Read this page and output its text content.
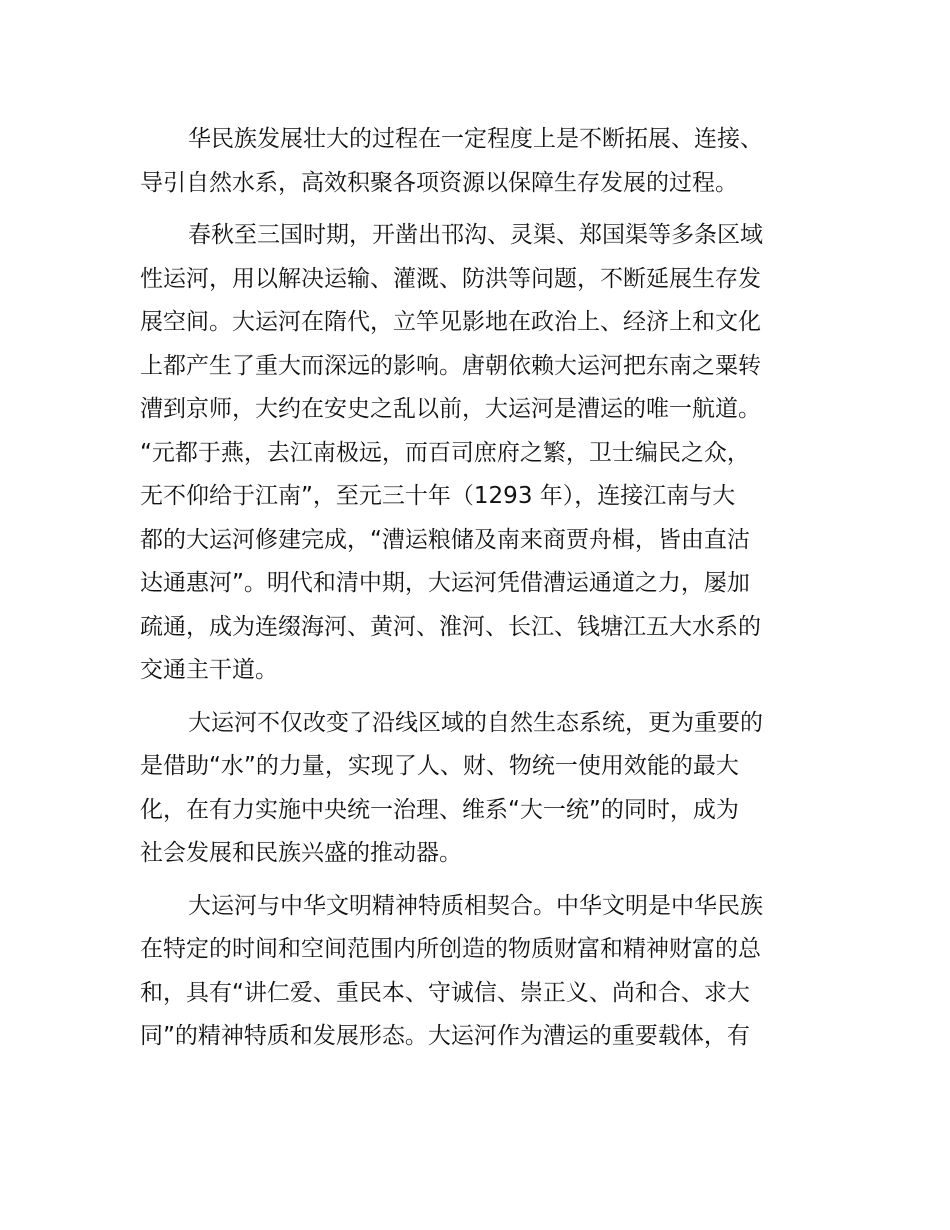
华民族发展壮大的过程在一定程度上是不断拓展、连接、
导引自然水系，高效积聚各项资源以保障生存发展的过程。

春秋至三国时期，开凿出邗沟、灵渠、郑国渠等多条区域
性运河，用以解决运输、灌溉、防洪等问题，不断延展生存发
展空间。大运河在隋代，立竿见影地在政治上、经济上和文化
上都产生了重大而深远的影响。唐朝依赖大运河把东南之粟转
漕到京师，大约在安史之乱以前，大运河是漕运的唯一航道。
“元都于燕，去江南极远，而百司庶府之繁，卫士编民之众，
无不仰给于江南”，至元三十年（1293 年），连接江南与大
都的大运河修建完成，“漕运粮储及南来商贾舟楫，皆由直沽
达通惠河”。明代和清中期，大运河凭借漕运通道之力，屡加
疏通，成为连缀海河、黄河、淮河、长江、钱塘江五大水系的
交通主干道。

大运河不仅改变了沿线区域的自然生态系统，更为重要的
是借助“水”的力量，实现了人、财、物统一使用效能的最大
化，在有力实施中央统一治理、维系“大一统”的同时，成为
社会发展和民族兴盛的推动器。

大运河与中华文明精神特质相契合。中华文明是中华民族
在特定的时间和空间范围内所创造的物质财富和精神财富的总
和，具有“讲仁爱、重民本、守诚信、崇正义、尚和合、求大
同”的精神特质和发展形态。大运河作为漕运的重要载体，有
